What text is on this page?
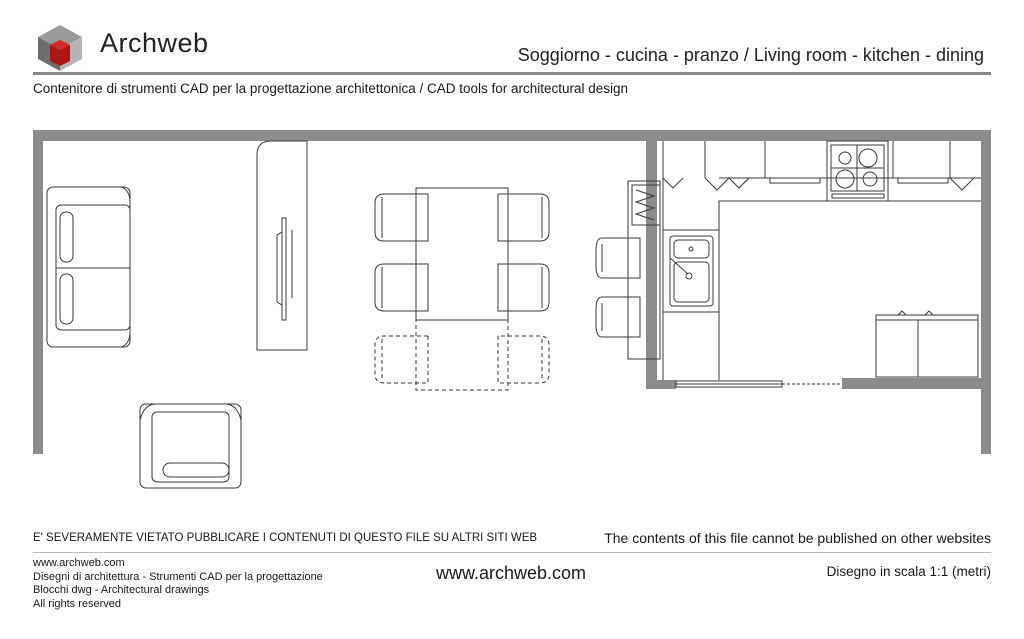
Archweb	Soggiorno - cucina - pranzo / Living room - kitchen - dining
Contenitore di strumenti CAD per la progettazione architettonica / CAD tools for architectural design
E' SEVERAMENTE VIETATO PUBBLICARE I CONTENUTI DI QUESTO FILE SU ALTRI SITI WEB	The contents of this file cannot be published on other websites
www.archweb.com
Disegni di architettura - Strumenti CAD per la progettazione
Blocchi dwg - Architectural drawings
All rights reserved
www.archweb.com	Disegno in scala 1:1 (metri)
